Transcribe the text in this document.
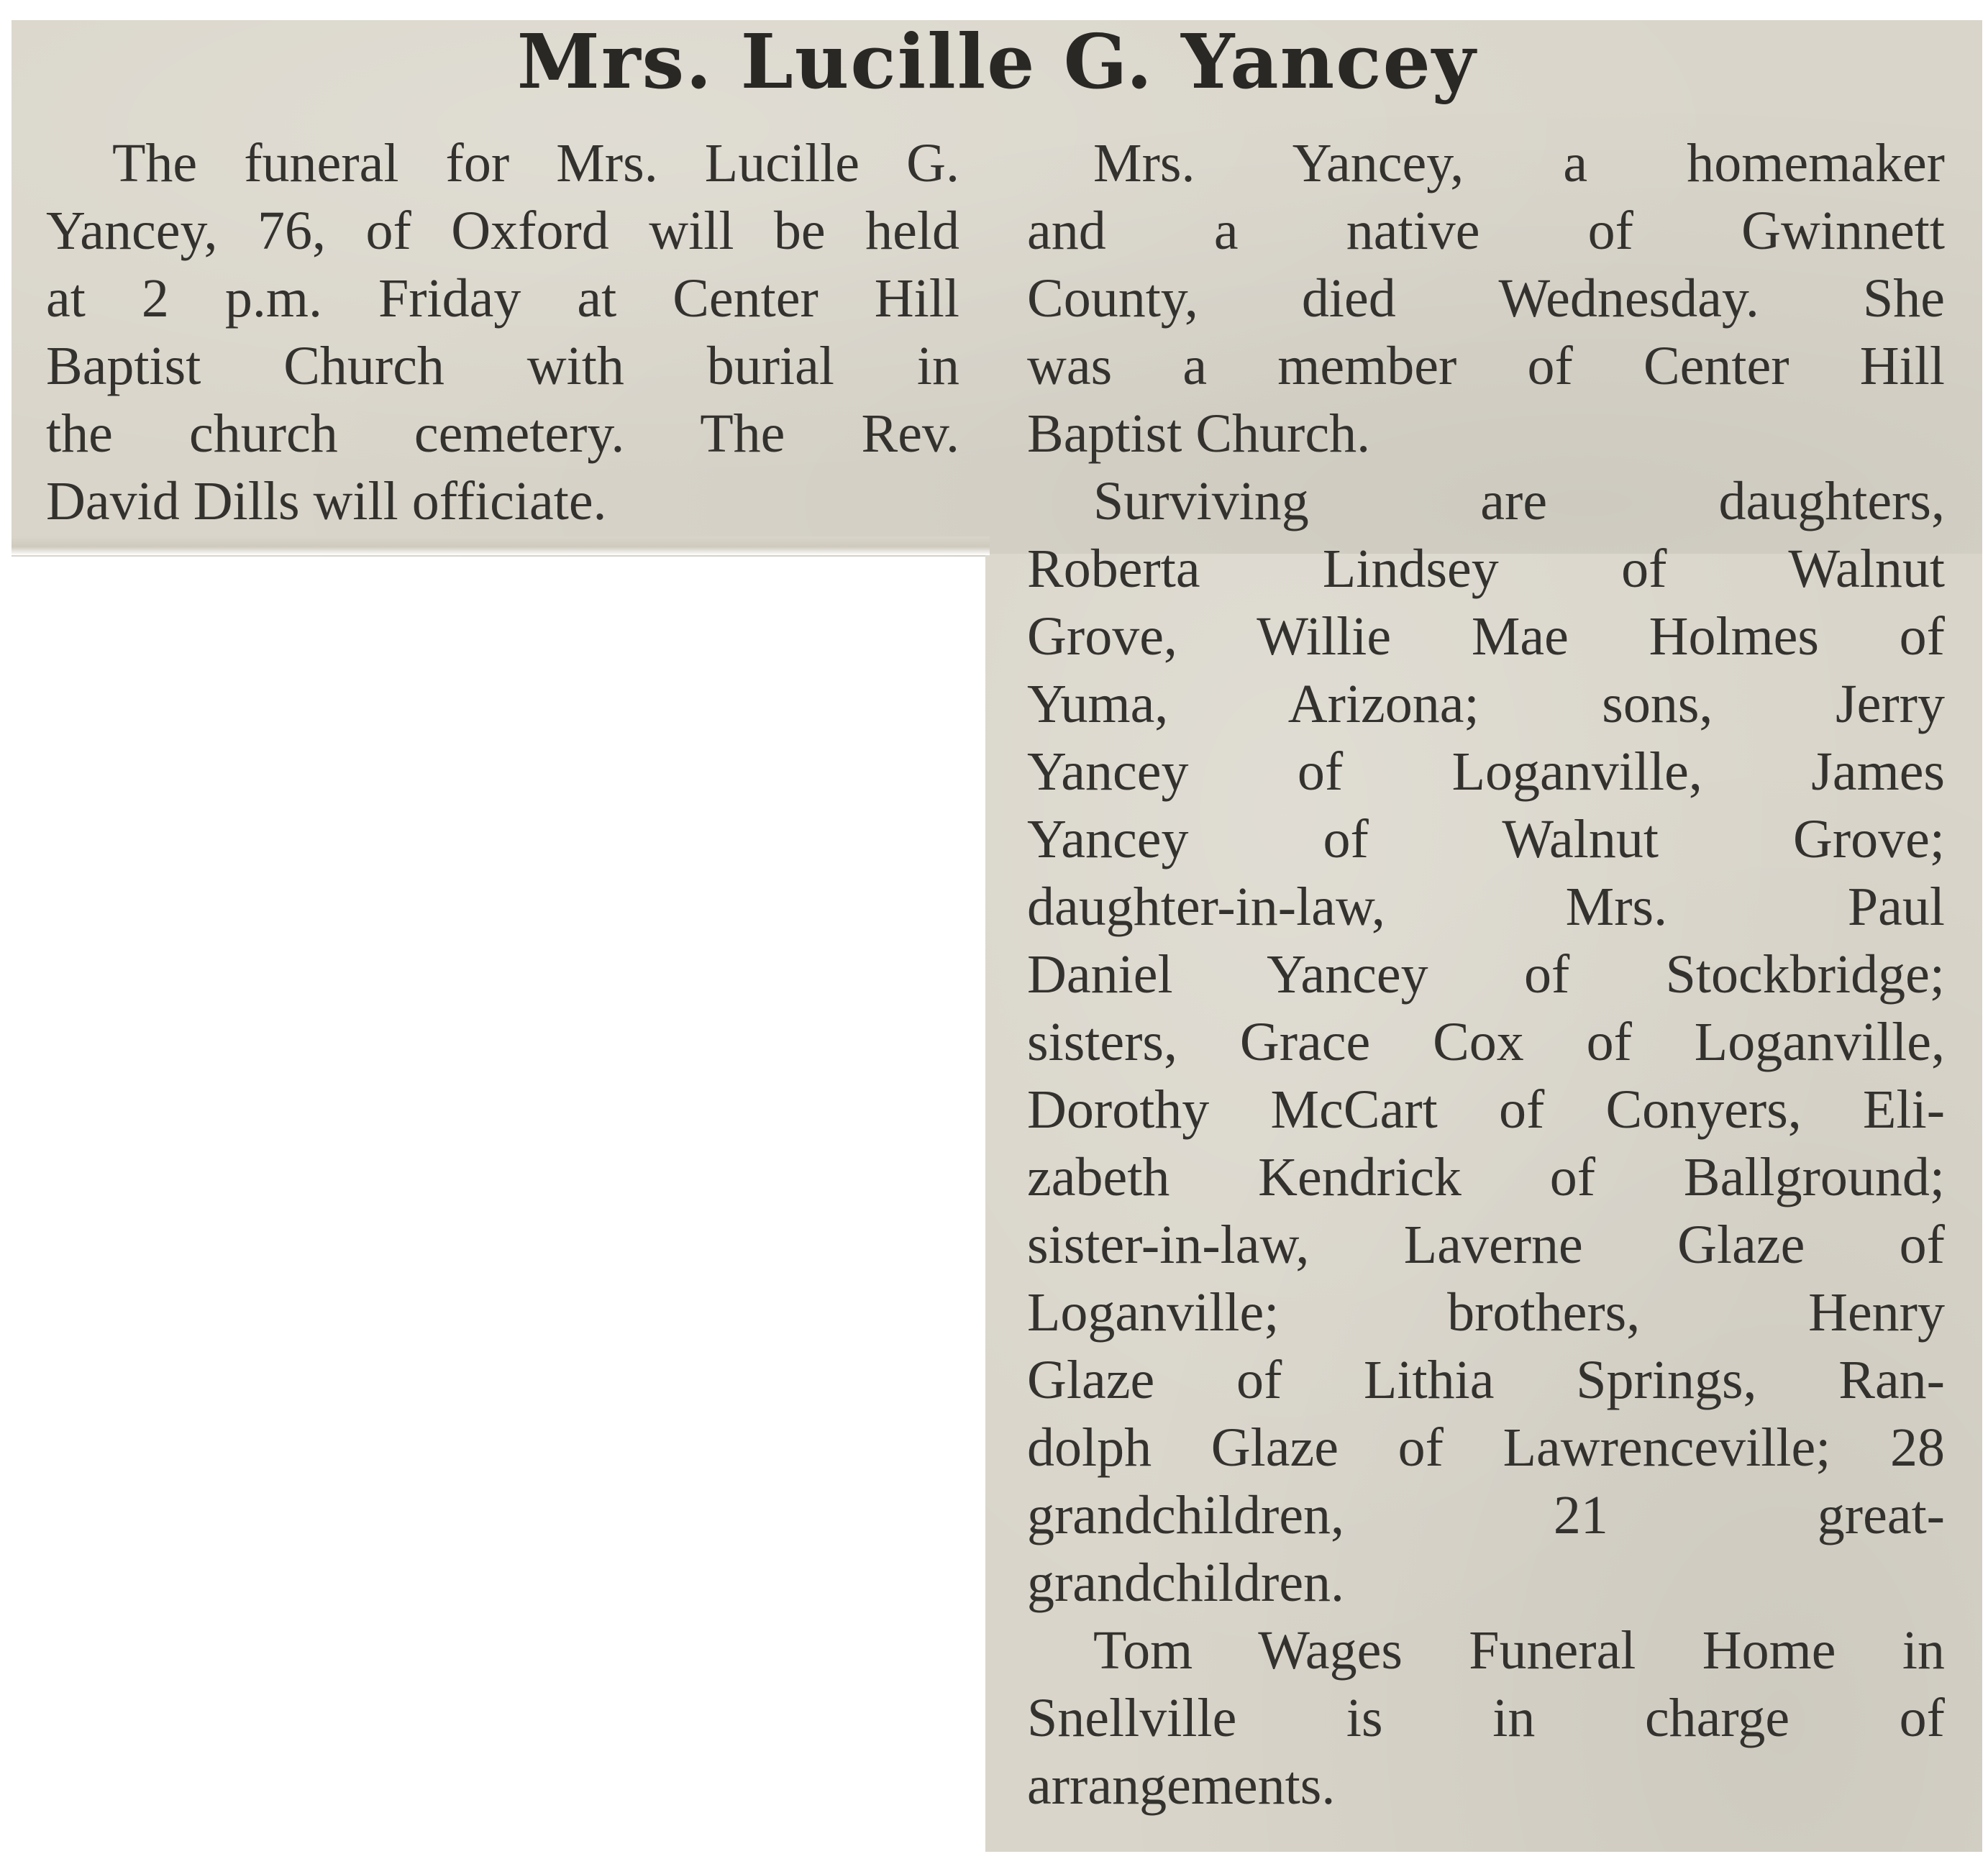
Mrs. Lucille G. Yancey
The funeral for Mrs. Lucille G.
Yancey, 76, of Oxford will be held
at 2 p.m. Friday at Center Hill
Baptist Church with burial in
the church cemetery. The Rev.
David Dills will officiate.
Mrs. Yancey, a homemaker
and a native of Gwinnett
County, died Wednesday. She
was a member of Center Hill
Baptist Church.
Surviving are daughters,
Roberta Lindsey of Walnut
Grove, Willie Mae Holmes of
Yuma, Arizona; sons, Jerry
Yancey of Loganville, James
Yancey of Walnut Grove;
daughter-in-law, Mrs. Paul
Daniel Yancey of Stockbridge;
sisters, Grace Cox of Loganville,
Dorothy McCart of Conyers, Eli-
zabeth Kendrick of Ballground;
sister-in-law, Laverne Glaze of
Loganville; brothers, Henry
Glaze of Lithia Springs, Ran-
dolph Glaze of Lawrenceville; 28
grandchildren, 21 great-
grandchildren.
Tom Wages Funeral Home in
Snellville is in charge of
arrangements.
